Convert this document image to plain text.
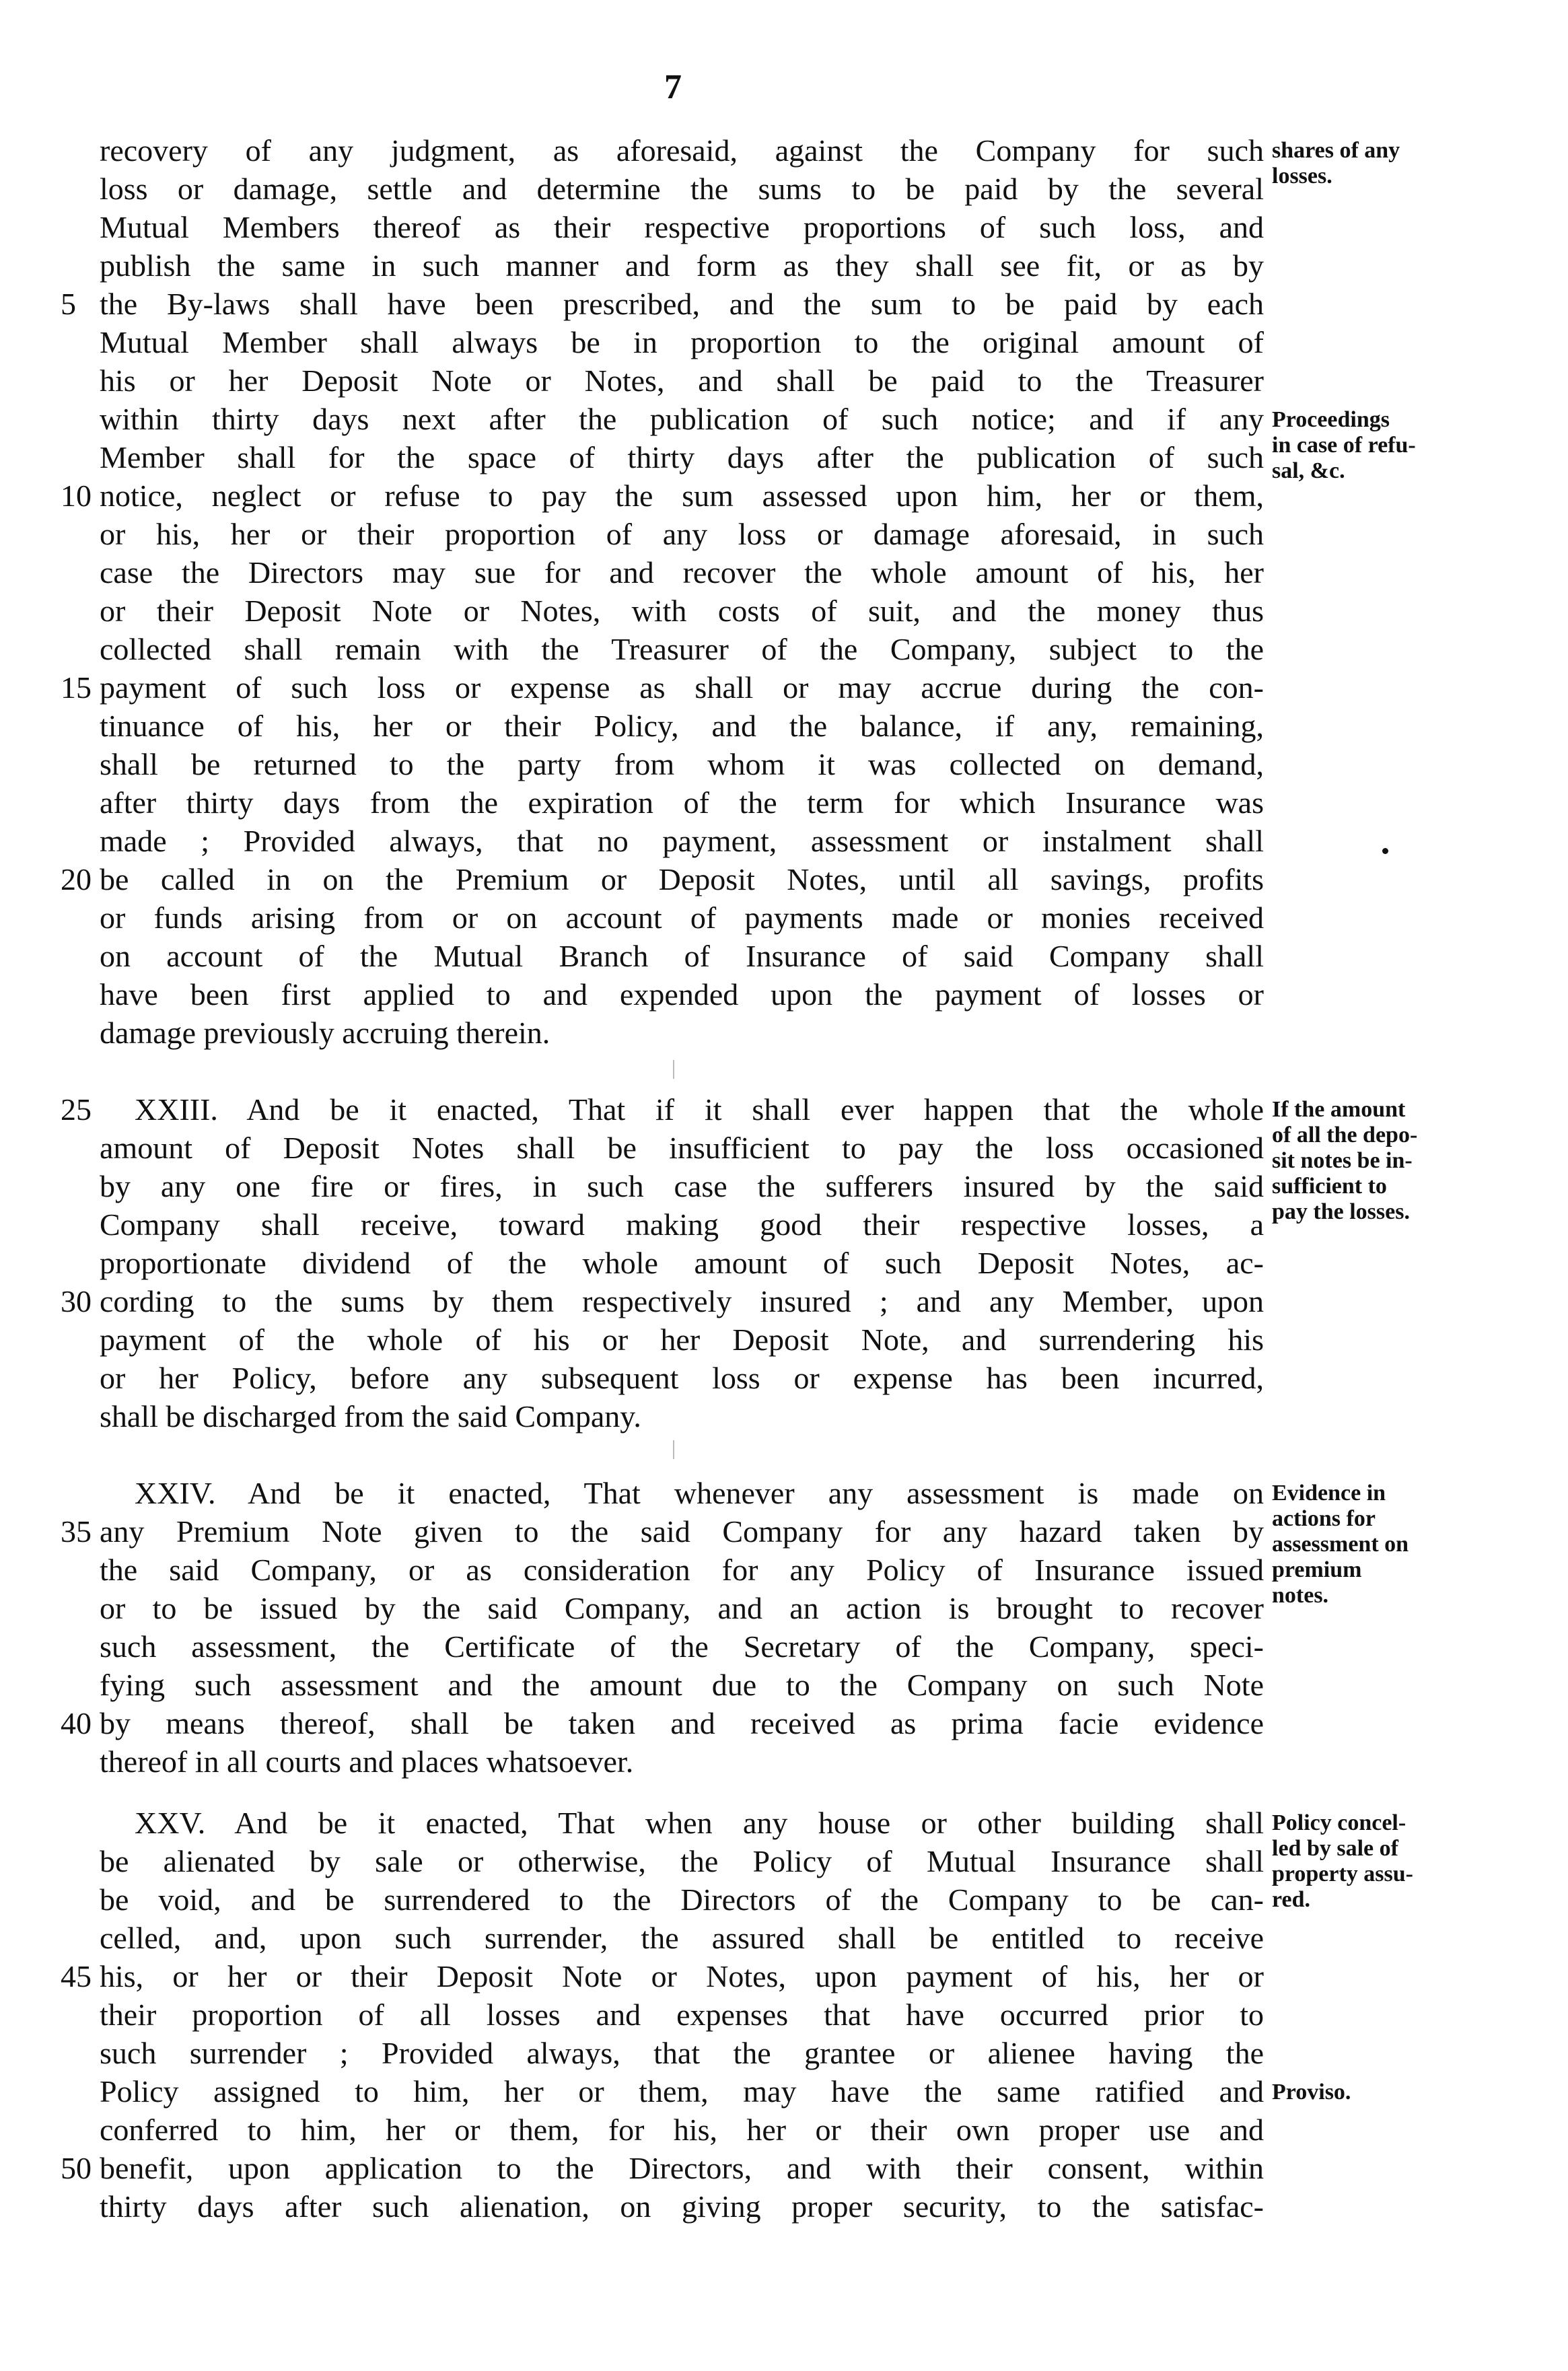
7
recovery of any judgment, as aforesaid, against the Company for such
loss or damage, settle and determine the sums to be paid by the several
Mutual Members thereof as their respective proportions of such loss, and
publish the same in such manner and form as they shall see fit, or as by
the By-laws shall have been prescribed, and the sum to be paid by each
Mutual Member shall always be in proportion to the original amount of
his or her Deposit Note or Notes, and shall be paid to the Treasurer
within thirty days next after the publication of such notice; and if any
Member shall for the space of thirty days after the publication of such
notice, neglect or refuse to pay the sum assessed upon him, her or them,
or his, her or their proportion of any loss or damage aforesaid, in such
case the Directors may sue for and recover the whole amount of his, her
or their Deposit Note or Notes, with costs of suit, and the money thus
collected shall remain with the Treasurer of the Company, subject to the
payment of such loss or expense as shall or may accrue during the con-
tinuance of his, her or their Policy, and the balance, if any, remaining,
shall be returned to the party from whom it was collected on demand,
after thirty days from the expiration of the term for which Insurance was
made ; Provided always, that no payment, assessment or instalment shall
be called in on the Premium or Deposit Notes, until all savings, profits
or funds arising from or on account of payments made or monies received
on account of the Mutual Branch of Insurance of said Company shall
have been first applied to and expended upon the payment of losses or
damage previously accruing therein.
XXIII. And be it enacted, That if it shall ever happen that the whole
amount of Deposit Notes shall be insufficient to pay the loss occasioned
by any one fire or fires, in such case the sufferers insured by the said
Company shall receive, toward making good their respective losses, a
proportionate dividend of the whole amount of such Deposit Notes, ac-
cording to the sums by them respectively insured ; and any Member, upon
payment of the whole of his or her Deposit Note, and surrendering his
or her Policy, before any subsequent loss or expense has been incurred,
shall be discharged from the said Company.
XXIV. And be it enacted, That whenever any assessment is made on
any Premium Note given to the said Company for any hazard taken by
the said Company, or as consideration for any Policy of Insurance issued
or to be issued by the said Company, and an action is brought to recover
such assessment, the Certificate of the Secretary of the Company, speci-
fying such assessment and the amount due to the Company on such Note
by means thereof, shall be taken and received as prima facie evidence
thereof in all courts and places whatsoever.
XXV. And be it enacted, That when any house or other building shall
be alienated by sale or otherwise, the Policy of Mutual Insurance shall
be void, and be surrendered to the Directors of the Company to be can-
celled, and, upon such surrender, the assured shall be entitled to receive
his, or her or their Deposit Note or Notes, upon payment of his, her or
their proportion of all losses and expenses that have occurred prior to
such surrender ; Provided always, that the grantee or alienee having the
Policy assigned to him, her or them, may have the same ratified and
conferred to him, her or them, for his, her or their own proper use and
benefit, upon application to the Directors, and with their consent, within
thirty days after such alienation, on giving proper security, to the satisfac-
5
10
15
20
25
30
35
40
45
50
shares of any
losses.
Proceedings
in case of refu-
sal, &c.
If the amount
of all the depo-
sit notes be in-
sufficient to
pay the losses.
Evidence in
actions for
assessment on
premium
notes.
Policy concel-
led by sale of
property assu-
red.
Proviso.
